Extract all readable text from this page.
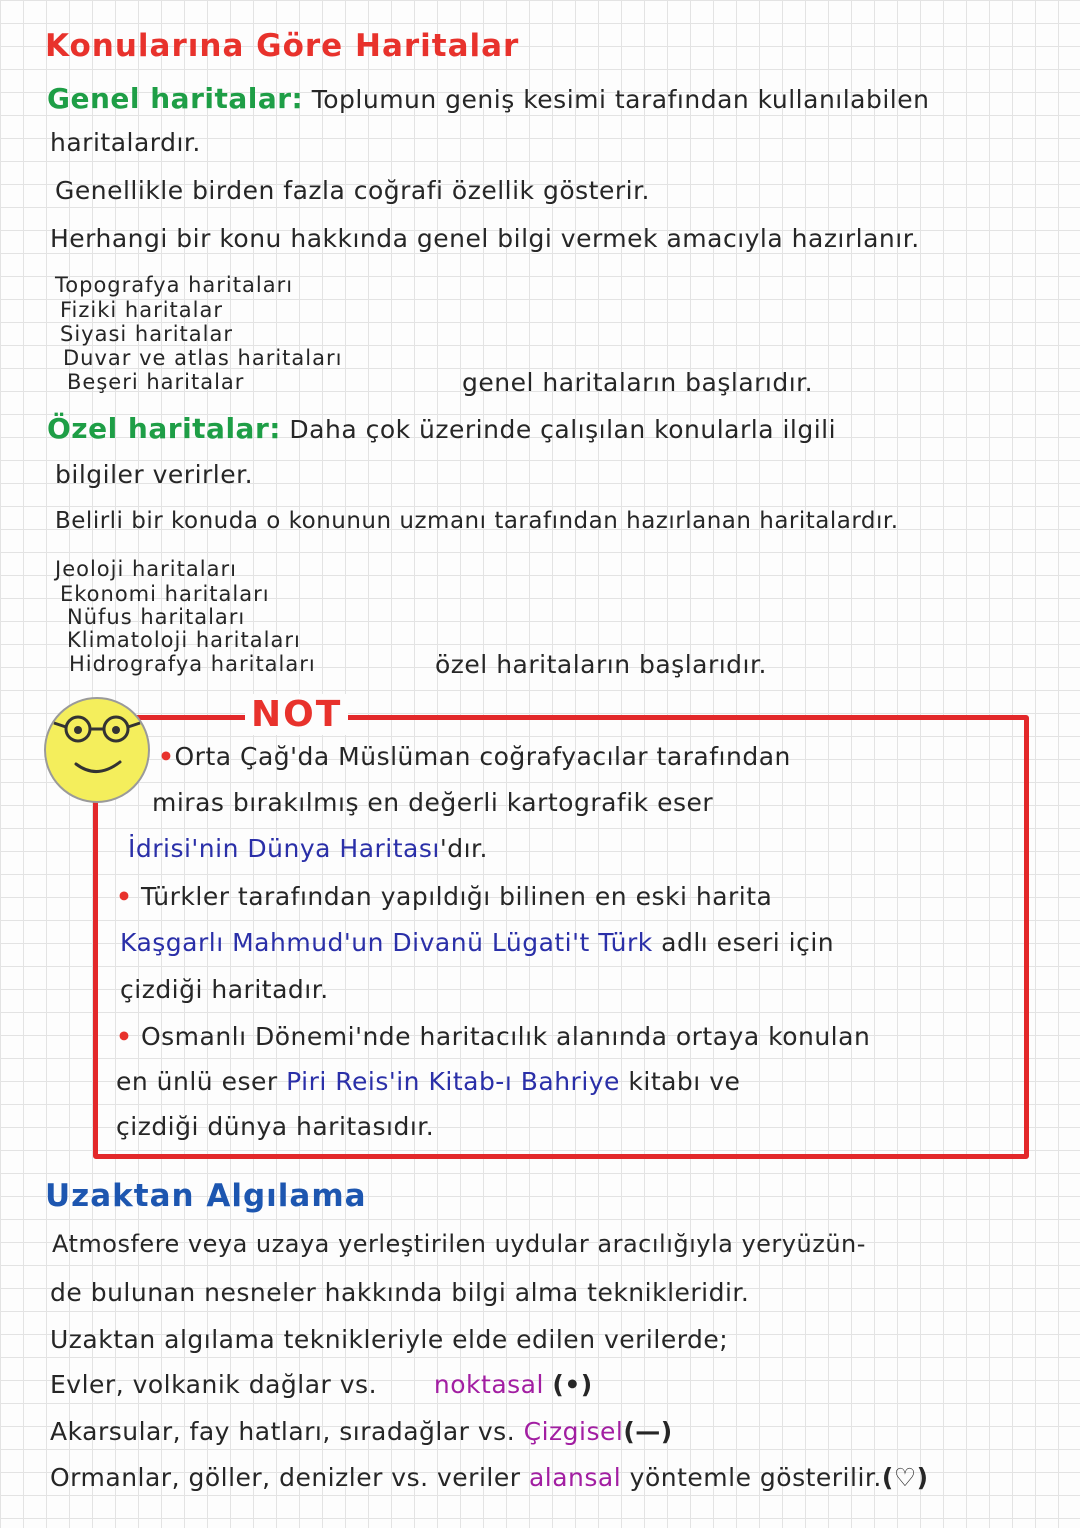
Konularına Göre Haritalar
Genel haritalar: Toplumun geniş kesimi tarafından kullanılabilen
haritalardır.
Genellikle birden fazla coğrafi özellik gösterir.
Herhangi bir konu hakkında genel bilgi vermek amacıyla hazırlanır.
Topografya haritaları
Fiziki haritalar
Siyasi haritalar
Duvar ve atlas haritaları
Beşeri haritalar	genel haritaların başlarıdır.
Özel haritalar: Daha çok üzerinde çalışılan konularla ilgili
bilgiler verirler.
Belirli bir konuda o konunun uzmanı tarafından hazırlanan haritalardır.
Jeoloji haritaları
Ekonomi haritaları
Nüfus haritaları
Klimatoloji haritaları
Hidrografya haritaları	özel haritaların başlarıdır.
NOT
•Orta Çağ'da Müslüman coğrafyacılar tarafından
miras bırakılmış en değerli kartografik eser
İdrisi'nin Dünya Haritası'dır.
• Türkler tarafından yapıldığı bilinen en eski harita
Kaşgarlı Mahmud'un Divanü Lügati't Türk adlı eseri için
çizdiği haritadır.
• Osmanlı Dönemi'nde haritacılık alanında ortaya konulan
en ünlü eser Piri Reis'in Kitab-ı Bahriye kitabı ve
çizdiği dünya haritasıdır.
Uzaktan Algılama
Atmosfere veya uzaya yerleştirilen uydular aracılığıyla yeryüzün-
de bulunan nesneler hakkında bilgi alma teknikleridir.
Uzaktan algılama teknikleriyle elde edilen verilerde;
Evler, volkanik dağlar vs. noktasal (•)
Akarsular, fay hatları, sıradağlar vs. Çizgisel(—)
Ormanlar, göller, denizler vs. veriler alansal yöntemle gösterilir.(♡)
